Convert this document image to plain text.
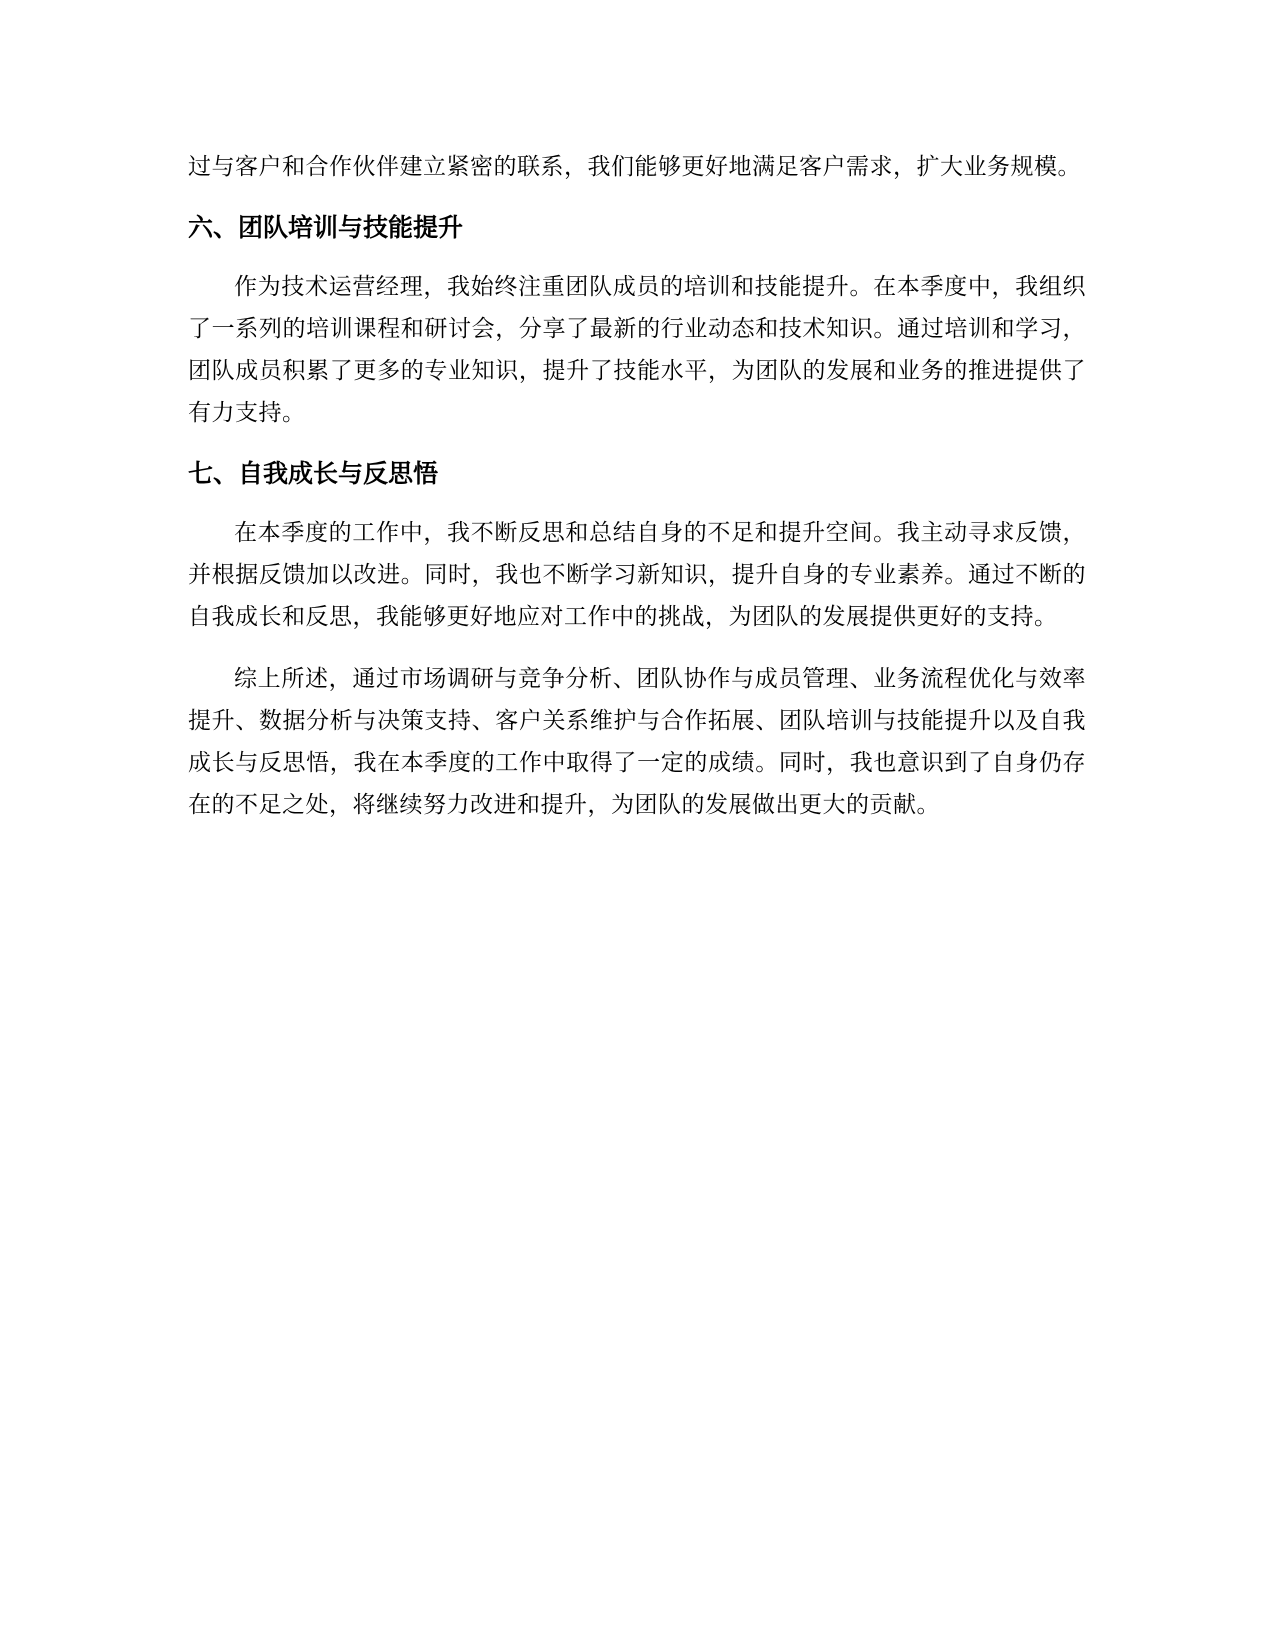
过与客户和合作伙伴建立紧密的联系，我们能够更好地满足客户需求，扩大业务规模。

六、团队培训与技能提升

作为技术运营经理，我始终注重团队成员的培训和技能提升。在本季度中，我组织了一系列的培训课程和研讨会，分享了最新的行业动态和技术知识。通过培训和学习，团队成员积累了更多的专业知识，提升了技能水平，为团队的发展和业务的推进提供了有力支持。

七、自我成长与反思悟

在本季度的工作中，我不断反思和总结自身的不足和提升空间。我主动寻求反馈，并根据反馈加以改进。同时，我也不断学习新知识，提升自身的专业素养。通过不断的自我成长和反思，我能够更好地应对工作中的挑战，为团队的发展提供更好的支持。

综上所述，通过市场调研与竞争分析、团队协作与成员管理、业务流程优化与效率提升、数据分析与决策支持、客户关系维护与合作拓展、团队培训与技能提升以及自我成长与反思悟，我在本季度的工作中取得了一定的成绩。同时，我也意识到了自身仍存在的不足之处，将继续努力改进和提升，为团队的发展做出更大的贡献。
